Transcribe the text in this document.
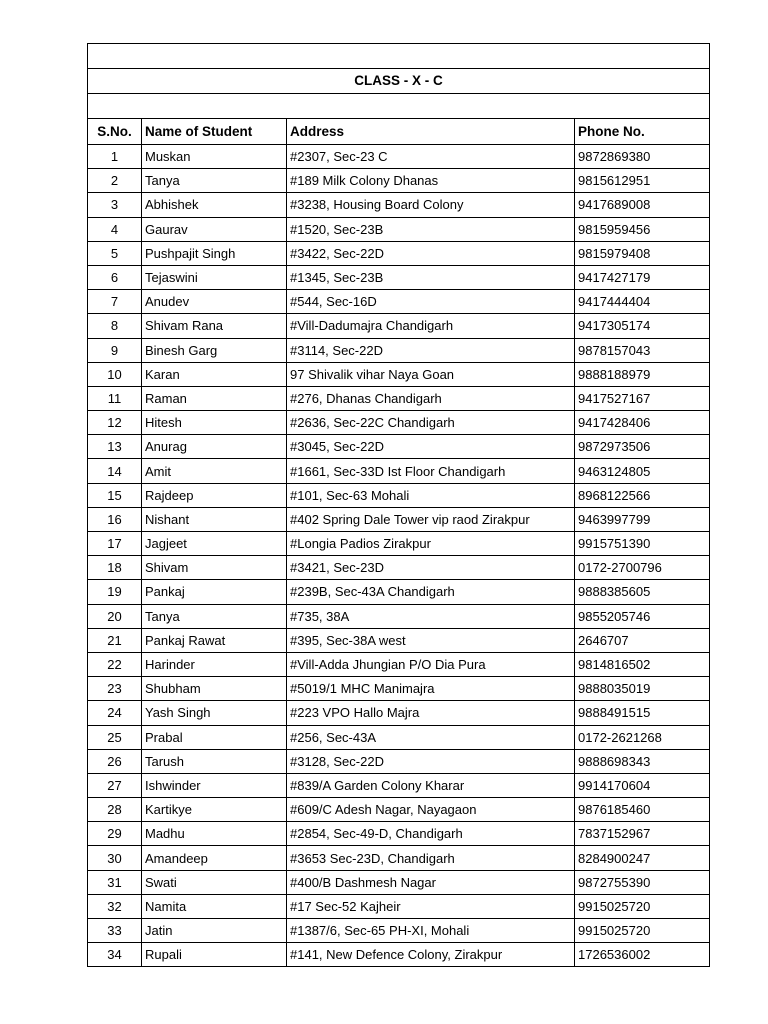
CLASS - X - C			

S.No.	Name of Student	Address	Phone No.
1	Muskan	#2307, Sec-23 C	9872869380
2	Tanya	#189 Milk Colony Dhanas	9815612951
3	Abhishek	#3238, Housing Board Colony	9417689008
4	Gaurav	#1520, Sec-23B	9815959456
5	Pushpajit Singh	#3422, Sec-22D	9815979408
6	Tejaswini	#1345, Sec-23B	9417427179
7	Anudev	#544, Sec-16D	9417444404
8	Shivam Rana	#Vill-Dadumajra Chandigarh	9417305174
9	Binesh Garg	#3114, Sec-22D	9878157043
10	Karan	97 Shivalik vihar Naya Goan	9888188979
11	Raman	#276, Dhanas Chandigarh	9417527167
12	Hitesh	#2636, Sec-22C Chandigarh	9417428406
13	Anurag	#3045, Sec-22D	9872973506
14	Amit	#1661, Sec-33D Ist Floor Chandigarh	9463124805
15	Rajdeep	#101, Sec-63 Mohali	8968122566
16	Nishant	#402 Spring Dale Tower vip raod Zirakpur	9463997799
17	Jagjeet	#Longia Padios Zirakpur	9915751390
18	Shivam	#3421, Sec-23D	0172-2700796
19	Pankaj	#239B, Sec-43A Chandigarh	9888385605
20	Tanya	#735, 38A	9855205746
21	Pankaj Rawat	#395, Sec-38A west	2646707
22	Harinder	#Vill-Adda Jhungian P/O Dia Pura	9814816502
23	Shubham	#5019/1 MHC Manimajra	9888035019
24	Yash Singh	#223 VPO Hallo Majra	9888491515
25	Prabal	#256, Sec-43A	0172-2621268
26	Tarush	#3128, Sec-22D	9888698343
27	Ishwinder	#839/A Garden Colony Kharar	9914170604
28	Kartikye	#609/C Adesh Nagar, Nayagaon	9876185460
29	Madhu	#2854, Sec-49-D, Chandigarh	7837152967
30	Amandeep	#3653 Sec-23D, Chandigarh	8284900247
31	Swati	#400/B Dashmesh Nagar	9872755390
32	Namita	#17 Sec-52 Kajheir	9915025720
33	Jatin	#1387/6, Sec-65 PH-XI, Mohali	9915025720
34	Rupali	#141, New Defence Colony, Zirakpur	1726536002
